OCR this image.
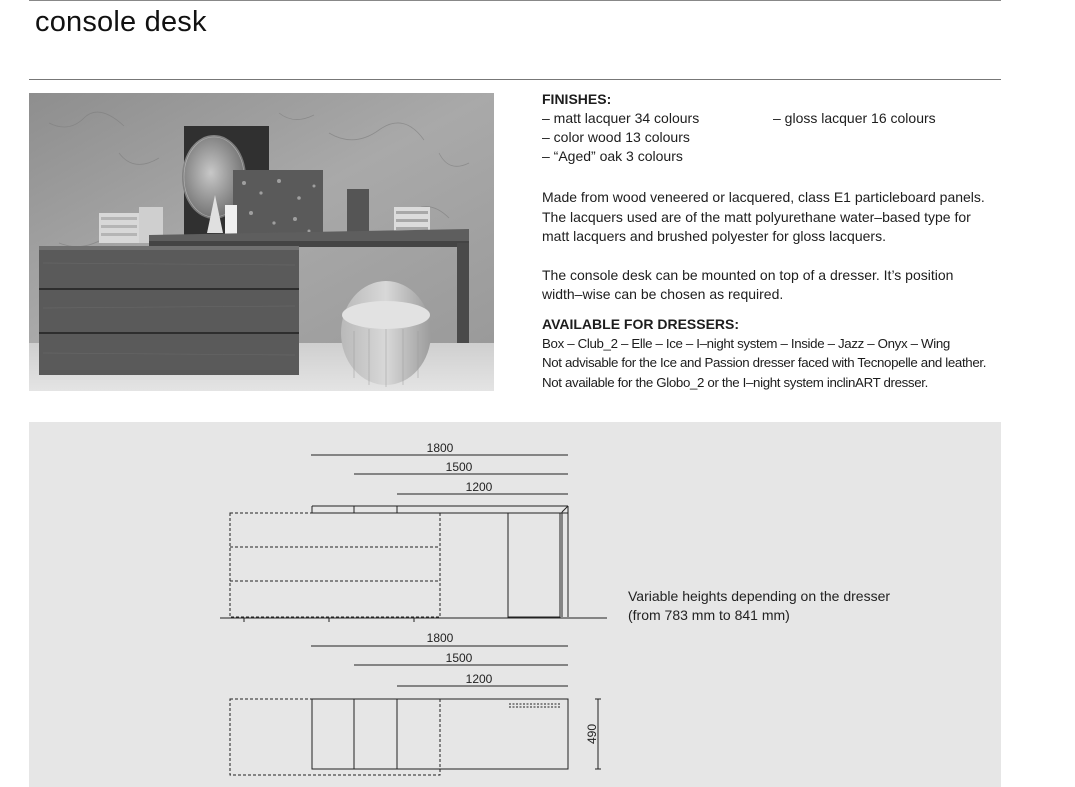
console desk
FINISHES:
– matt lacquer 34 colours
– color wood 13 colours
– “Aged” oak 3 colours
– gloss lacquer 16 colours
Made from wood veneered or lacquered, class E1 particleboard panels.
The lacquers used are of the matt polyurethane water–based type for
matt lacquers and brushed polyester for gloss lacquers.
The console desk can be mounted on top of a dresser. It’s position
width–wise can be chosen as required.
AVAILABLE FOR DRESSERS:
Box – Club_2 – Elle – Ice – I–night system – Inside – Jazz – Onyx – Wing
Not advisable for the Ice and Passion dresser faced with Tecnopelle and leather.
Not available for the Globo_2 or the I–night system inclinART dresser.
1800
1500
1200
1800
1500
1200
490
Variable heights depending on the dresser
(from 783 mm to 841 mm)
